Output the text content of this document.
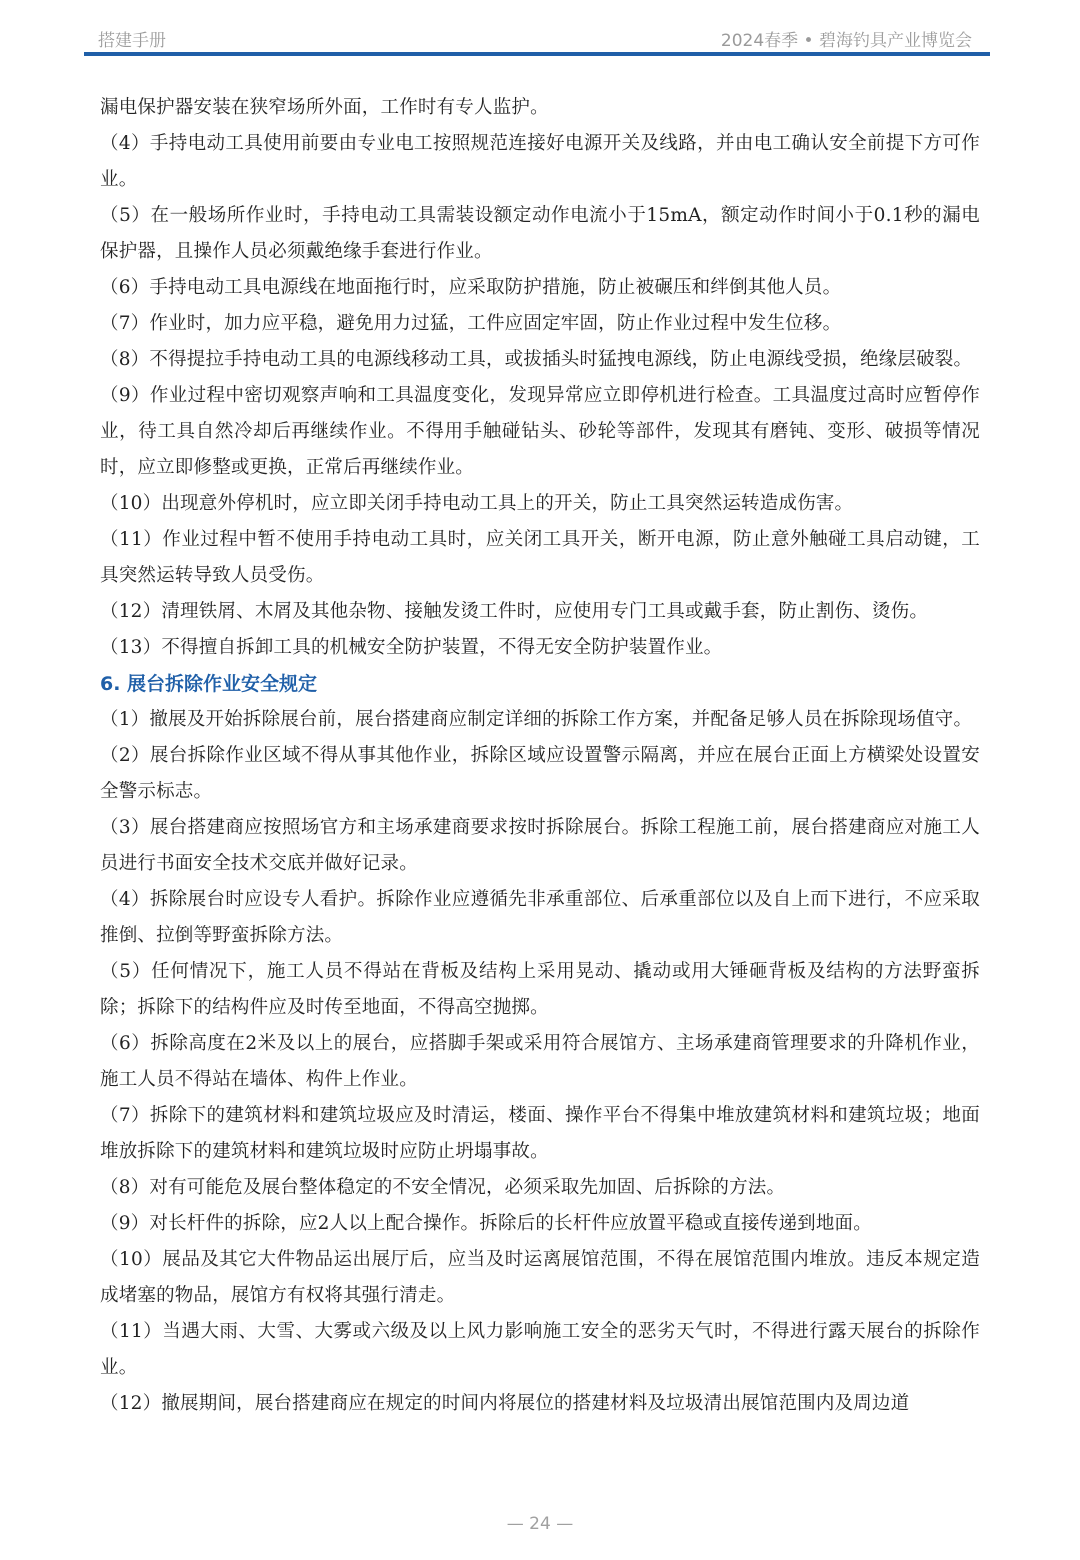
搭建手册	2024春季 • 碧海钓具产业博览会

漏电保护器安装在狭窄场所外面，工作时有专人监护。

（4）手持电动工具使用前要由专业电工按照规范连接好电源开关及线路，并由电工确认安全前提下方可作业。

（5）在一般场所作业时，手持电动工具需装设额定动作电流小于15mA，额定动作时间小于0.1秒的漏电保护器，且操作人员必须戴绝缘手套进行作业。

（6）手持电动工具电源线在地面拖行时，应采取防护措施，防止被碾压和绊倒其他人员。

（7）作业时，加力应平稳，避免用力过猛，工件应固定牢固，防止作业过程中发生位移。

（8）不得提拉手持电动工具的电源线移动工具，或拔插头时猛拽电源线，防止电源线受损，绝缘层破裂。

（9）作业过程中密切观察声响和工具温度变化，发现异常应立即停机进行检查。工具温度过高时应暂停作业，待工具自然冷却后再继续作业。不得用手触碰钻头、砂轮等部件，发现其有磨钝、变形、破损等情况时，应立即修整或更换，正常后再继续作业。

（10）出现意外停机时，应立即关闭手持电动工具上的开关，防止工具突然运转造成伤害。

（11）作业过程中暂不使用手持电动工具时，应关闭工具开关，断开电源，防止意外触碰工具启动键，工具突然运转导致人员受伤。

（12）清理铁屑、木屑及其他杂物、接触发烫工件时，应使用专门工具或戴手套，防止割伤、烫伤。

（13）不得擅自拆卸工具的机械安全防护装置，不得无安全防护装置作业。

6. 展台拆除作业安全规定

（1）撤展及开始拆除展台前，展台搭建商应制定详细的拆除工作方案，并配备足够人员在拆除现场值守。

（2）展台拆除作业区域不得从事其他作业，拆除区域应设置警示隔离，并应在展台正面上方横梁处设置安全警示标志。

（3）展台搭建商应按照场官方和主场承建商要求按时拆除展台。拆除工程施工前，展台搭建商应对施工人员进行书面安全技术交底并做好记录。

（4）拆除展台时应设专人看护。拆除作业应遵循先非承重部位、后承重部位以及自上而下进行，不应采取推倒、拉倒等野蛮拆除方法。

（5）任何情况下，施工人员不得站在背板及结构上采用晃动、撬动或用大锤砸背板及结构的方法野蛮拆除；拆除下的结构件应及时传至地面，不得高空抛掷。

（6）拆除高度在2米及以上的展台，应搭脚手架或采用符合展馆方、主场承建商管理要求的升降机作业，施工人员不得站在墙体、构件上作业。

（7）拆除下的建筑材料和建筑垃圾应及时清运，楼面、操作平台不得集中堆放建筑材料和建筑垃圾；地面堆放拆除下的建筑材料和建筑垃圾时应防止坍塌事故。

（8）对有可能危及展台整体稳定的不安全情况，必须采取先加固、后拆除的方法。

（9）对长杆件的拆除，应2人以上配合操作。拆除后的长杆件应放置平稳或直接传递到地面。

（10）展品及其它大件物品运出展厅后，应当及时运离展馆范围，不得在展馆范围内堆放。违反本规定造成堵塞的物品，展馆方有权将其强行清走。

（11）当遇大雨、大雪、大雾或六级及以上风力影响施工安全的恶劣天气时，不得进行露天展台的拆除作业。

（12）撤展期间，展台搭建商应在规定的时间内将展位的搭建材料及垃圾清出展馆范围内及周边道

— 24 —
